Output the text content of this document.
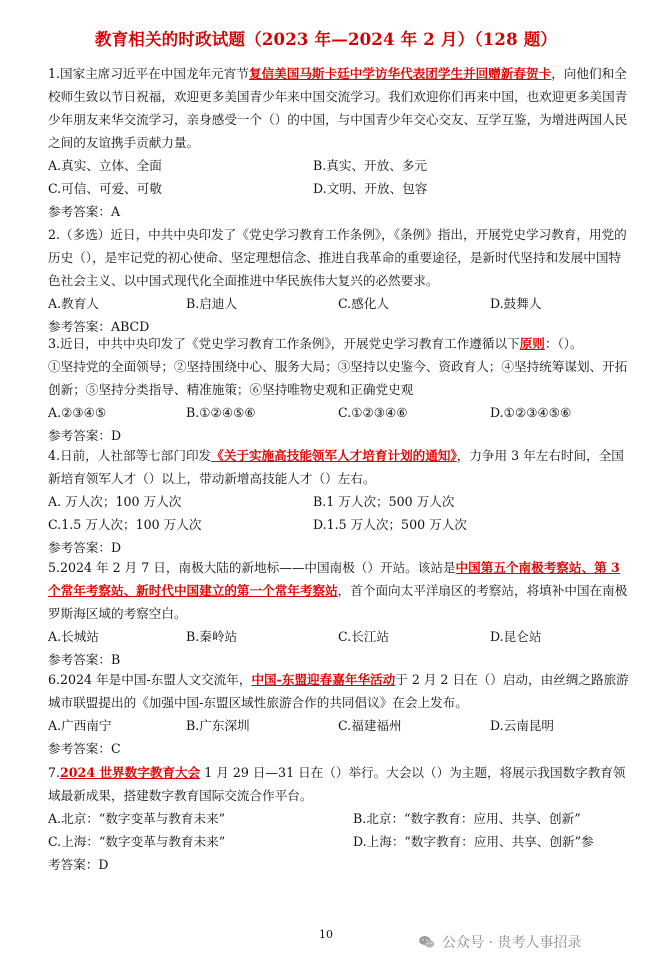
教育相关的时政试题（2023 年—2024 年 2 月）（128 题）

1.国家主席习近平在中国龙年元宵节复信美国马斯卡廷中学访华代表团学生并回赠新春贺卡，向他们和全校师生致以节日祝福，欢迎更多美国青少年来中国交流学习。我们欢迎你们再来中国，也欢迎更多美国青少年朋友来华交流学习，亲身感受一个（）的中国，与中国青少年交心交友、互学互鉴，为增进两国人民之间的友谊携手贡献力量。

A.真实、立体、全面	B.真实、开放、多元
C.可信、可爱、可敬	D.文明、开放、包容

参考答案：A

2.（多选）近日，中共中央印发了《党史学习教育工作条例》，《条例》指出，开展党史学习教育，用党的历史（），是牢记党的初心使命、坚定理想信念、推进自我革命的重要途径，是新时代坚持和发展中国特色社会主义、以中国式现代化全面推进中华民族伟大复兴的必然要求。

A.教育人	B.启迪人	C.感化人	D.鼓舞人

参考答案：ABCD

3.近日，中共中央印发了《党史学习教育工作条例》，开展党史学习教育工作遵循以下原则：（）。
①坚持党的全面领导；②坚持围绕中心、服务大局；③坚持以史鉴今、资政育人；④坚持统筹谋划、开拓创新；⑤坚持分类指导、精准施策；⑥坚持唯物史观和正确党史观

A.②③④⑤	B.①②④⑤⑥	C.①②③④⑥	D.①②③④⑤⑥

参考答案：D

4.日前，人社部等七部门印发《关于实施高技能领军人才培育计划的通知》，力争用 3 年左右时间，全国新培育领军人才（）以上，带动新增高技能人才（）左右。

A. 万人次；100 万人次	B.1 万人次；500 万人次
C.1.5 万人次；100 万人次	D.1.5 万人次；500 万人次

参考答案：D

5.2024 年 2 月 7 日，南极大陆的新地标——中国南极（）开站。该站是中国第五个南极考察站、第 3 个常年考察站、新时代中国建立的第一个常年考察站，首个面向太平洋扇区的考察站，将填补中国在南极罗斯海区域的考察空白。

A.长城站	B.秦岭站	C.长江站	D.昆仑站

参考答案：B

6.2024 年是中国-东盟人文交流年，中国-东盟迎春嘉年华活动于 2 月 2 日在（）启动，由丝绸之路旅游城市联盟提出的《加强中国-东盟区域性旅游合作的共同倡议》在会上发布。

A.广西南宁	B.广东深圳	C.福建福州	D.云南昆明

参考答案：C

7.2024 世界数字教育大会 1 月 29 日—31 日在（）举行。大会以（）为主题，将展示我国数字教育领域最新成果，搭建数字教育国际交流合作平台。

A.北京：“数字变革与教育未来”	B.北京：“数字教育：应用、共享、创新”
C.上海：“数字变革与教育未来”	D.上海：“数字教育：应用、共享、创新”参

考答案：D

10
公众号 · 贵考人事招录
